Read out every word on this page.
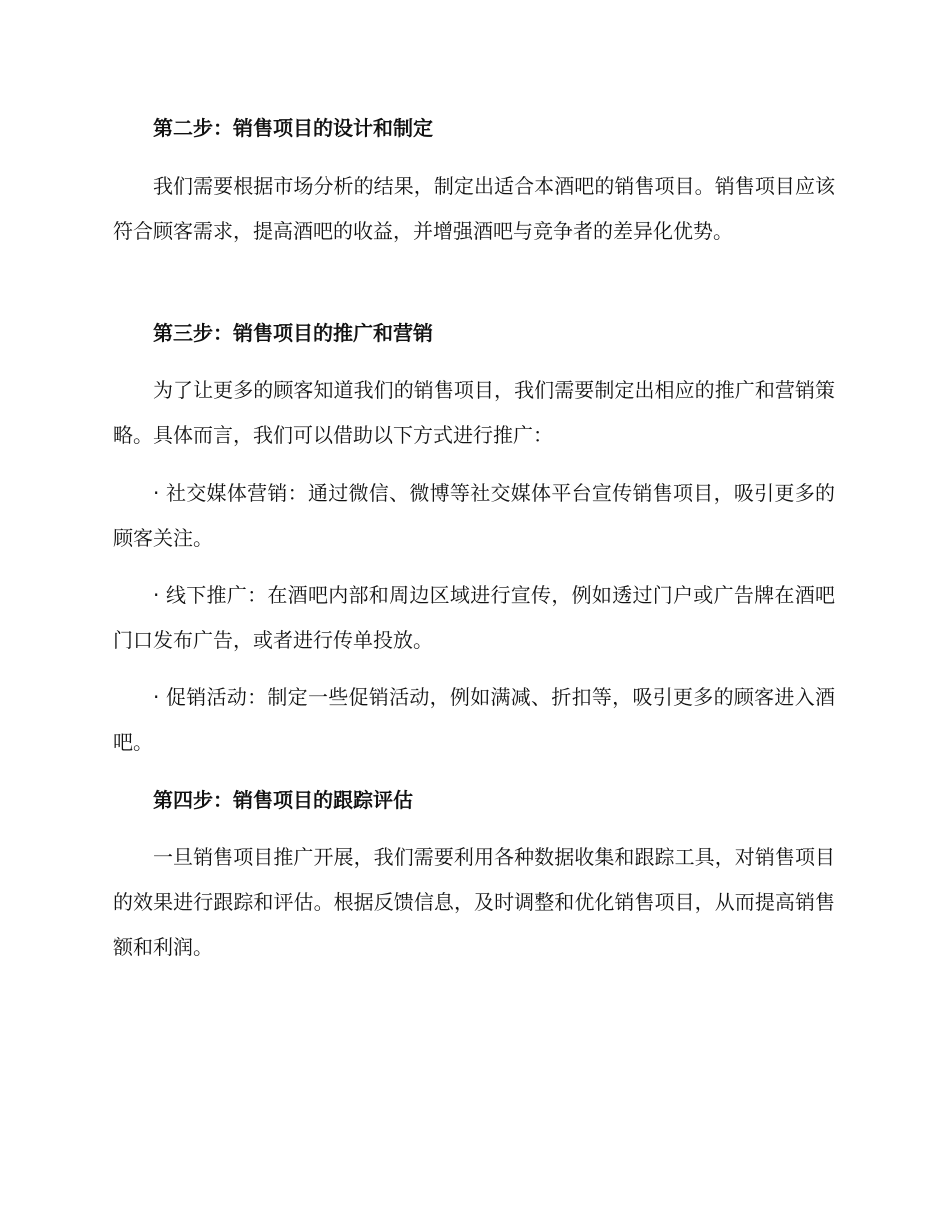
第二步：销售项目的设计和制定

我们需要根据市场分析的结果，制定出适合本酒吧的销售项目。销售项目应该符合顾客需求，提高酒吧的收益，并增强酒吧与竞争者的差异化优势。

第三步：销售项目的推广和营销

为了让更多的顾客知道我们的销售项目，我们需要制定出相应的推广和营销策略。具体而言，我们可以借助以下方式进行推广：

· 社交媒体营销：通过微信、微博等社交媒体平台宣传销售项目，吸引更多的顾客关注。

· 线下推广：在酒吧内部和周边区域进行宣传，例如透过门户或广告牌在酒吧门口发布广告，或者进行传单投放。

· 促销活动：制定一些促销活动，例如满减、折扣等，吸引更多的顾客进入酒吧。

第四步：销售项目的跟踪评估

一旦销售项目推广开展，我们需要利用各种数据收集和跟踪工具，对销售项目的效果进行跟踪和评估。根据反馈信息，及时调整和优化销售项目，从而提高销售额和利润。
